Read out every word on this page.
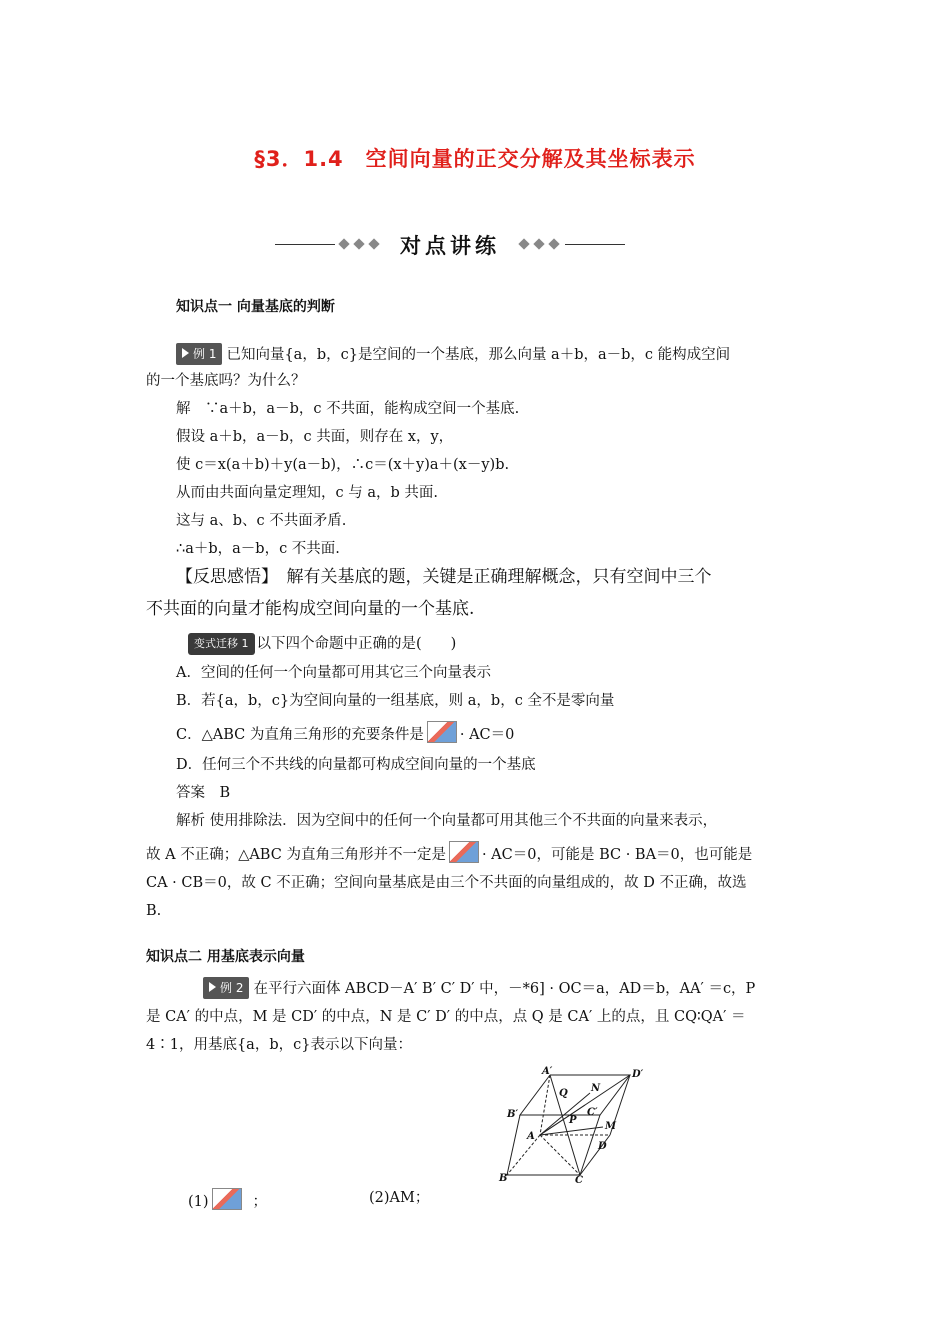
§3．1.4　空间向量的正交分解及其坐标表示
对点讲练
知识点一 向量基底的判断
例 1 已知向量{a，b，c}是空间的一个基底，那么向量 a＋b，a－b，c 能构成空间
的一个基底吗？为什么？
解　∵a＋b，a－b，c 不共面，能构成空间一个基底.
假设 a＋b，a－b，c 共面，则存在 x，y，
使 c＝x(a＋b)＋y(a－b)，∴c＝(x＋y)a＋(x－y)b.
从而由共面向量定理知，c 与 a，b 共面.
这与 a、b、c 不共面矛盾.
∴a＋b，a－b，c 不共面.
【反思感悟】　解有关基底的题，关键是正确理解概念，只有空间中三个
不共面的向量才能构成空间向量的一个基底.
变式迁移 1 以下四个命题中正确的是(　　)
A．空间的任何一个向量都可用其它三个向量表示
B．若{a，b，c}为空间向量的一组基底，则 a，b，c 全不是零向量
C．△ABC 为直角三角形的充要条件是 · AC＝0
D．任何三个不共线的向量都可构成空间向量的一个基底
答案　B
解析 使用排除法．因为空间中的任何一个向量都可用其他三个不共面的向量来表示，
故 A 不正确；△ABC 为直角三角形并不一定是 · AC＝0，可能是 BC · BA＝0，也可能是
CA · CB＝0，故 C 不正确；空间向量基底是由三个不共面的向量组成的，故 D 不正确，故选
B.
知识点二 用基底表示向量
例 2 在平行六面体 ABCD－A′ B′ C′ D′ 中，－*6] · OC＝a，AD＝b，AA′ ＝c，P
是 CA′ 的中点，M 是 CD′ 的中点，N 是 C′ D′ 的中点，点 Q 是 CA′ 上的点，且 CQ∶QA′ ＝
4∶1，用基底{a，b，c}表示以下向量：
A′	D′
B′
Q N
C′
P
M
A
D
B	C
(1)	；	(2)AM；
